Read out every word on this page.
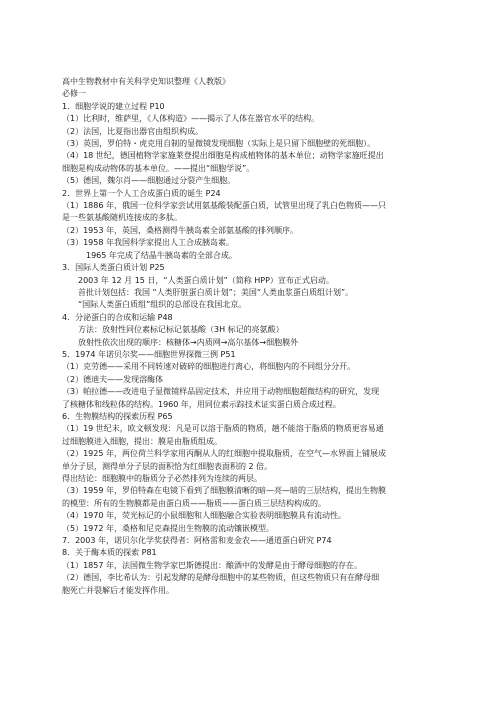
高中生物教材中有关科学史知识整理《人教版》
必修一
1．细胞学说的建立过程 P10
（1）比利时，维萨里，《人体构造》——揭示了人体在器官水平的结构。
（2）法国，比夏指出器官由组织构成。
（3）英国，罗伯特・虎克用自制的显微镜发现细胞（实际上是只留下细胞壁的死细胞）。
（4）18 世纪，德国植物学家施莱登提出细胞是构成植物体的基本单位；动物学家施旺提出
细胞是构成动物体的基本单位。——提出“细胞学说”。
（5）德国，魏尔肖——细胞通过分裂产生细胞。
2．世界上第一个人工合成蛋白质的诞生 P24
（1）1886 年，俄国一位科学家尝试用氨基酸装配蛋白质，试管里出现了乳白色物质——只
是一些氨基酸随机连接成的多肽。
（2）1953 年，英国，桑格测得牛胰岛素全部氨基酸的排列顺序。
（3）1958 年我国科学家提出人工合成胰岛素。
1965 年完成了结晶牛胰岛素的全部合成。
3．国际人类蛋白质计划 P25
2003 年 12 月 15 日，“人类蛋白质计划”（简称 HPP）宣布正式启动。
首批计划包括：我国 “人类肝脏蛋白质计划”；美国“人类血浆蛋白质组计划”。
“国际人类蛋白质组”组织的总部设在我国北京。
4．分泌蛋白的合成和运输 P48
方法：放射性同位素标记标记氨基酸（3H 标记的亮氨酸）
放射性依次出现的顺序：核糖体→内质网→高尔基体→细胞膜外
5．1974 年诺贝尔奖——细胞世界探微三例 P51
（1）克劳德——采用不同转速对破碎的细胞进行离心，将细胞内的不同组分分开。
（2）德迪夫——发现溶酶体
（3）帕拉德——改进电子显微镜样品固定技术，并应用于动物细胞超微结构的研究，发现
了核糖体和线粒体的结构。1960 年，用同位素示踪技术证实蛋白质合成过程。
6．生物膜结构的探索历程 P65
（1）19 世纪末，欧文顿发现：凡是可以溶于脂质的物质，趟不能溶于脂质的物质更容易通
过细胞膜进入细胞，提出：膜是由脂质组成。
（2）1925 年，两位荷兰科学家用丙酮从人的红细胞中提取脂质，在空气—水界面上铺展成
单分子层，测得单分子层的面积恰为红细胞表面积的 2 倍。
得出结论：细胞膜中的脂质分子必然排列为连续的两层。
（3）1959 年，罗伯特森在电镜下看到了细胞膜清晰的暗—亮—暗的三层结构，提出生物膜
的模型：所有的生物膜都是由蛋白质——脂质——蛋白质三层结构构成的。
（4）1970 年，荧光标记的小鼠细胞和人细胞融合实验表明细胞膜具有流动性。
（5）1972 年，桑格和尼克森提出生物膜的流动镶嵌模型。
7．2003 年，诺贝尔化学奖获得者：阿格雷和麦金农——通道蛋白研究 P74
8．关于酶本质的探索 P81
（1）1857 年，法国微生物学家巴斯德提出：酿酒中的发酵是由于酵母细胞的存在。
（2）德国，李比希认为：引起发酵的是酵母细胞中的某些物质，但这些物质只有在酵母细
胞死亡并裂解后才能发挥作用。
